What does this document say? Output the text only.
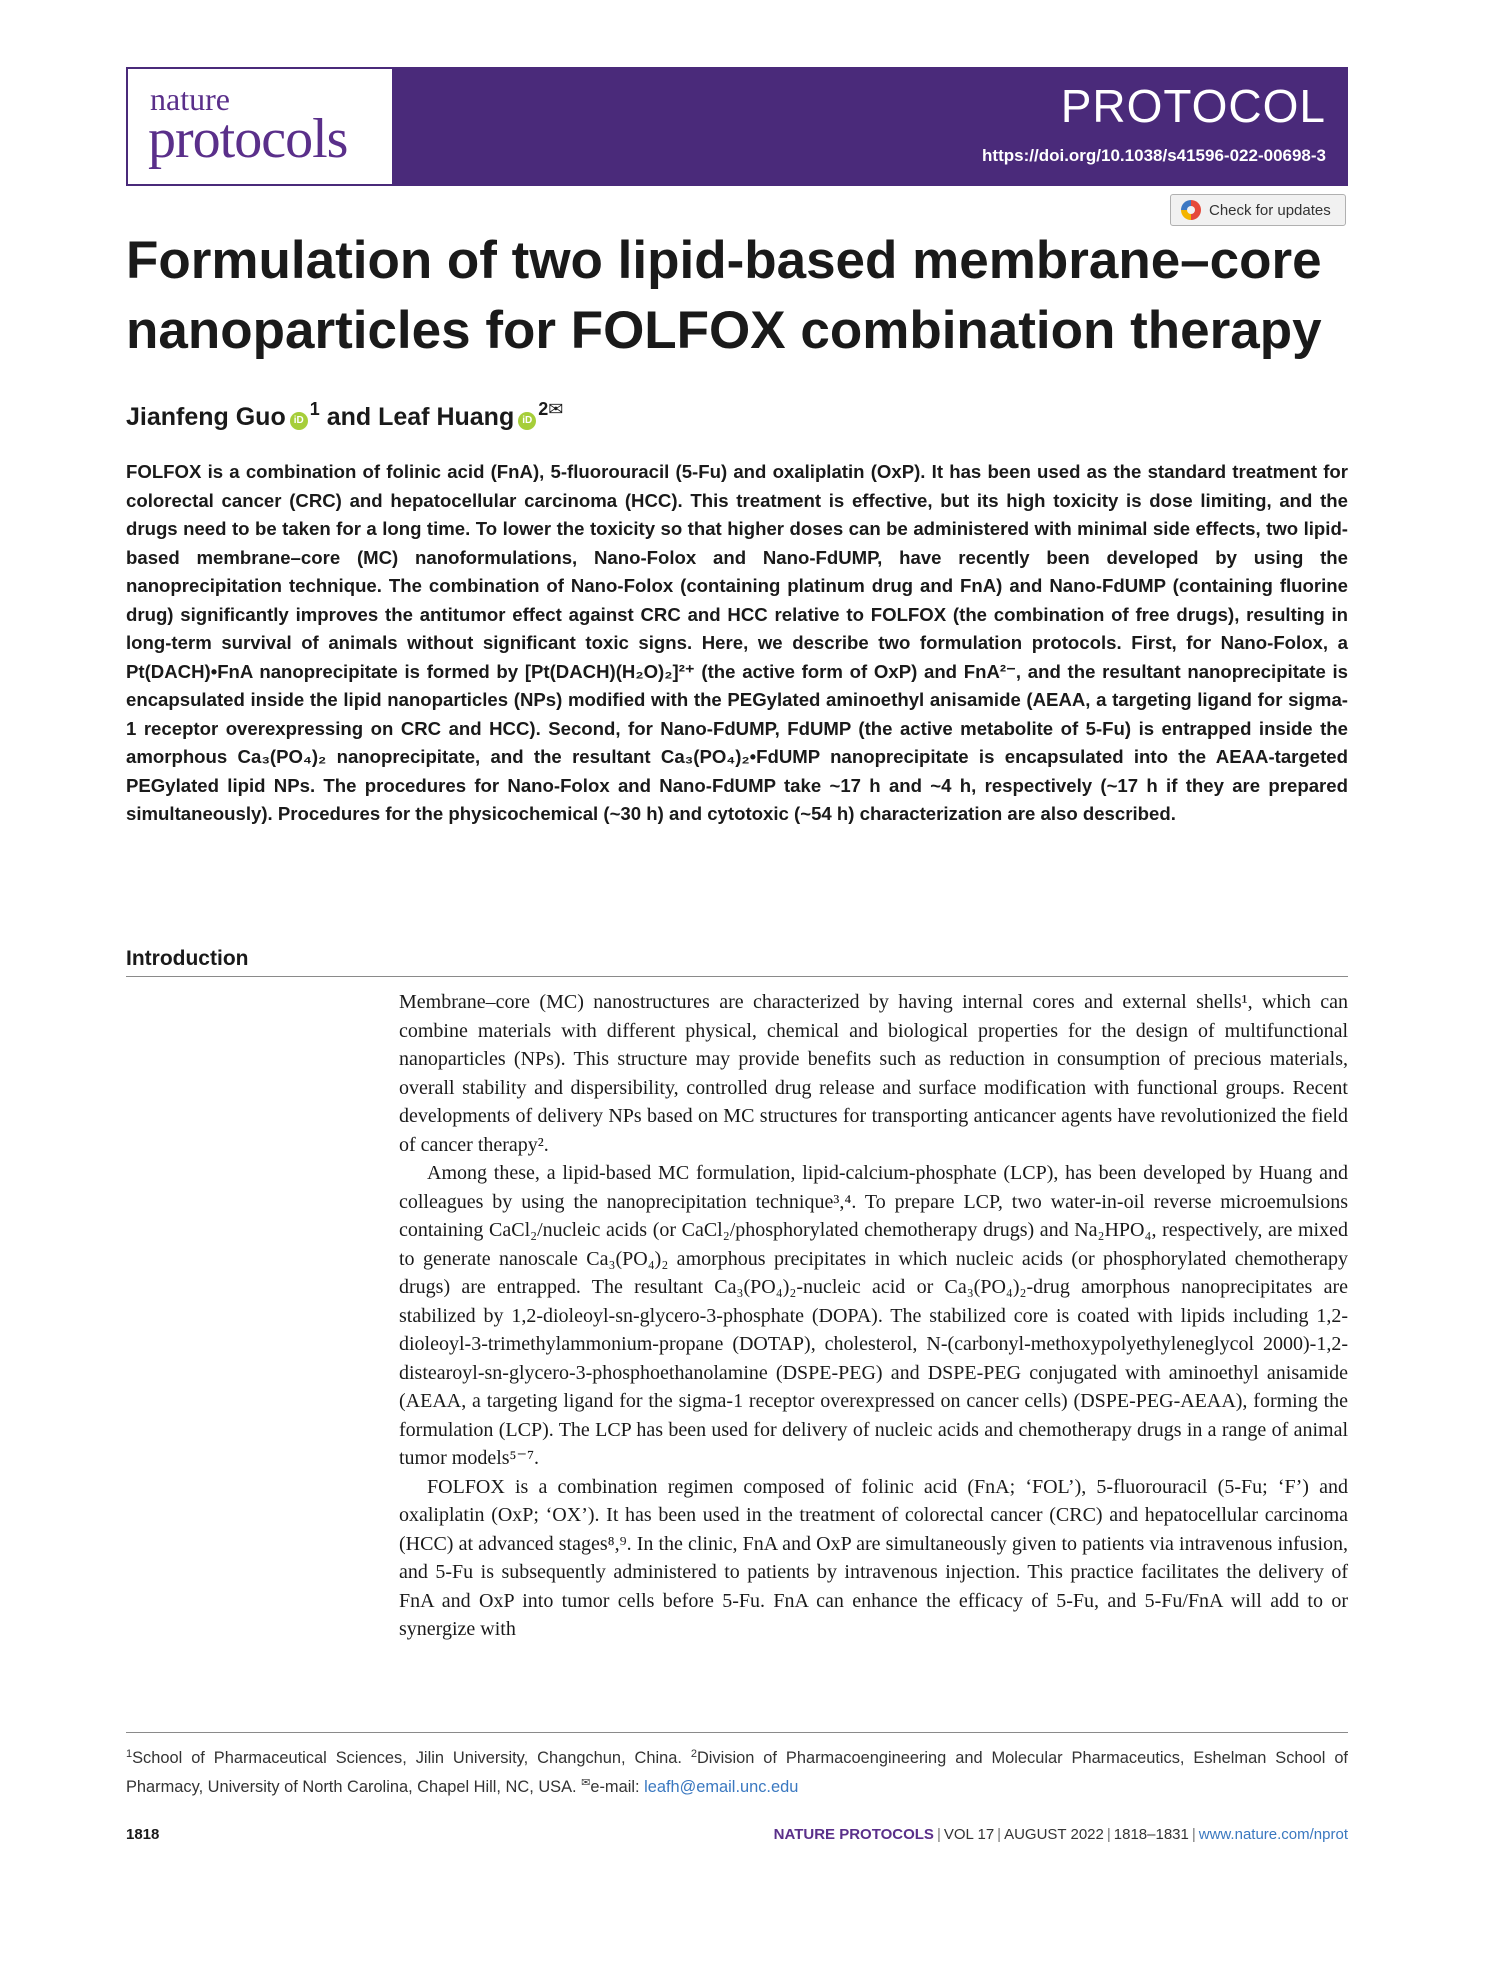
nature
protocols
PROTOCOL
https://doi.org/10.1038/s41596-022-00698-3
Check for updates
Formulation of two lipid-based membrane–core nanoparticles for FOLFOX combination therapy
Jianfeng Guo iD$^1$ and Leaf Huang iD$^{2✉}$

FOLFOX is a combination of folinic acid (FnA), 5-fluorouracil (5-Fu) and oxaliplatin (OxP). It has been used as the standard treatment for colorectal cancer (CRC) and hepatocellular carcinoma (HCC). This treatment is effective, but its high toxicity is dose limiting, and the drugs need to be taken for a long time. To lower the toxicity so that higher doses can be administered with minimal side effects, two lipid-based membrane–core (MC) nanoformulations, Nano-Folox and Nano-FdUMP, have recently been developed by using the nanoprecipitation technique. The combination of Nano-Folox (containing platinum drug and FnA) and Nano-FdUMP (containing fluorine drug) significantly improves the antitumor effect against CRC and HCC relative to FOLFOX (the combination of free drugs), resulting in long-term survival of animals without significant toxic signs. Here, we describe two formulation protocols. First, for Nano-Folox, a Pt(DACH)•FnA nanoprecipitate is formed by [Pt(DACH)(H₂O)₂]²⁺ (the active form of OxP) and FnA²⁻, and the resultant nanoprecipitate is encapsulated inside the lipid nanoparticles (NPs) modified with the PEGylated aminoethyl anisamide (AEAA, a targeting ligand for sigma-1 receptor overexpressing on CRC and HCC). Second, for Nano-FdUMP, FdUMP (the active metabolite of 5-Fu) is entrapped inside the amorphous Ca₃(PO₄)₂ nanoprecipitate, and the resultant Ca₃(PO₄)₂•FdUMP nanoprecipitate is encapsulated into the AEAA-targeted PEGylated lipid NPs. The procedures for Nano-Folox and Nano-FdUMP take ~17 h and ~4 h, respectively (~17 h if they are prepared simultaneously). Procedures for the physicochemical (~30 h) and cytotoxic (~54 h) characterization are also described.

Introduction

Membrane–core (MC) nanostructures are characterized by having internal cores and external shells¹, which can combine materials with different physical, chemical and biological properties for the design of multifunctional nanoparticles (NPs). This structure may provide benefits such as reduction in consumption of precious materials, overall stability and dispersibility, controlled drug release and surface modification with functional groups. Recent developments of delivery NPs based on MC structures for transporting anticancer agents have revolutionized the field of cancer therapy².

Among these, a lipid-based MC formulation, lipid-calcium-phosphate (LCP), has been developed by Huang and colleagues by using the nanoprecipitation technique³,⁴. To prepare LCP, two water-in-oil reverse microemulsions containing CaCl₂/nucleic acids (or CaCl₂/phosphorylated chemotherapy drugs) and Na₂HPO₄, respectively, are mixed to generate nanoscale Ca₃(PO₄)₂ amorphous precipitates in which nucleic acids (or phosphorylated chemotherapy drugs) are entrapped. The resultant Ca₃(PO₄)₂-nucleic acid or Ca₃(PO₄)₂-drug amorphous nanoprecipitates are stabilized by 1,2-dioleoyl-sn-glycero-3-phosphate (DOPA). The stabilized core is coated with lipids including 1,2-dioleoyl-3-trimethylammonium-propane (DOTAP), cholesterol, N-(carbonyl-methoxypolyethyleneglycol 2000)-1,2-distearoyl-sn-glycero-3-phosphoethanolamine (DSPE-PEG) and DSPE-PEG conjugated with aminoethyl anisamide (AEAA, a targeting ligand for the sigma-1 receptor overexpressed on cancer cells) (DSPE-PEG-AEAA), forming the formulation (LCP). The LCP has been used for delivery of nucleic acids and chemotherapy drugs in a range of animal tumor models⁵⁻⁷.

FOLFOX is a combination regimen composed of folinic acid (FnA; ‘FOL’), 5-fluorouracil (5-Fu; ‘F’) and oxaliplatin (OxP; ‘OX’). It has been used in the treatment of colorectal cancer (CRC) and hepatocellular carcinoma (HCC) at advanced stages⁸,⁹. In the clinic, FnA and OxP are simultaneously given to patients via intravenous infusion, and 5-Fu is subsequently administered to patients by intravenous injection. This practice facilitates the delivery of FnA and OxP into tumor cells before 5-Fu. FnA can enhance the efficacy of 5-Fu, and 5-Fu/FnA will add to or synergize with

$^1$School of Pharmaceutical Sciences, Jilin University, Changchun, China. $^2$Division of Pharmacoengineering and Molecular Pharmaceutics, Eshelman School of Pharmacy, University of North Carolina, Chapel Hill, NC, USA. ✉e-mail: leafh@email.unc.edu
1818	NATURE PROTOCOLS | VOL 17 | AUGUST 2022 | 1818–1831 | www.nature.com/nprot
